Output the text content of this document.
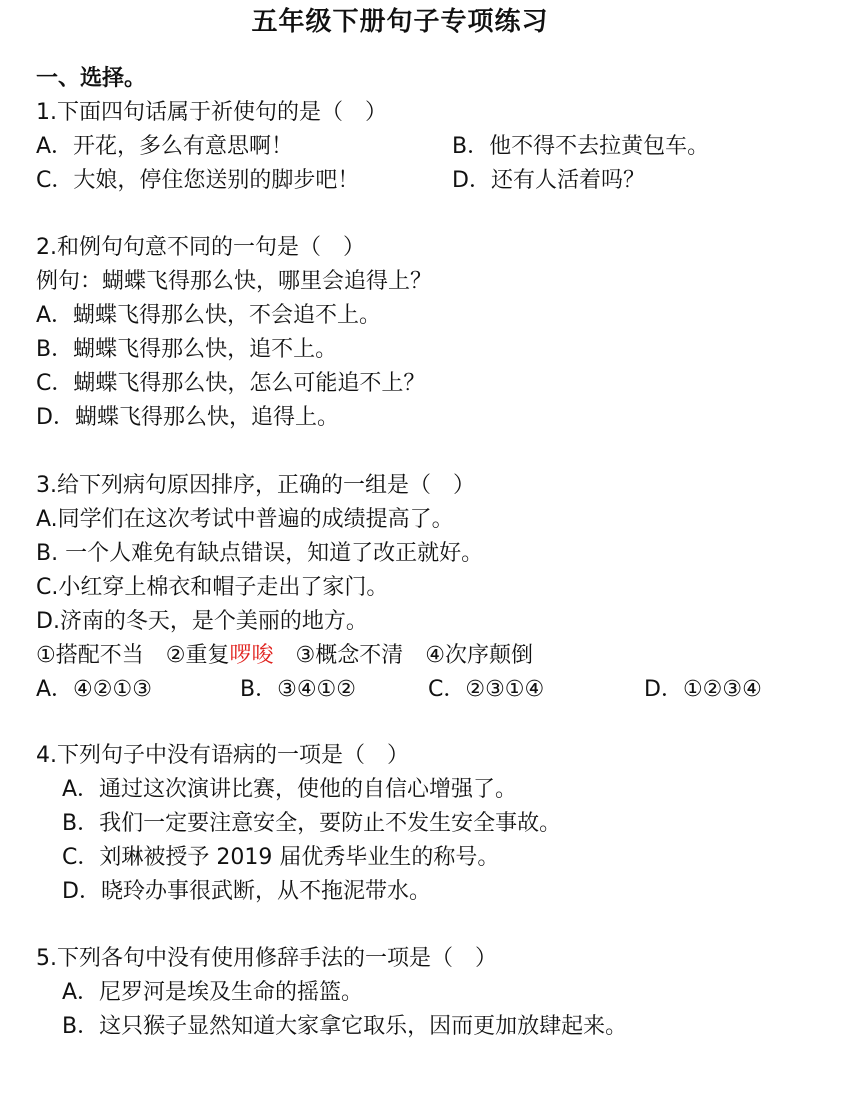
五年级下册句子专项练习
一、选择。
1.下面四句话属于祈使句的是（　）
A．开花，多么有意思啊！	B．他不得不去拉黄包车。
C．大娘，停住您送别的脚步吧！	D．还有人活着吗？
2.和例句句意不同的一句是（　）
例句：蝴蝶飞得那么快，哪里会追得上？
A．蝴蝶飞得那么快，不会追不上。
B．蝴蝶飞得那么快，追不上。
C．蝴蝶飞得那么快，怎么可能追不上？
D．蝴蝶飞得那么快，追得上。
3.给下列病句原因排序，正确的一组是（　）
A.同学们在这次考试中普遍的成绩提高了。
B. 一个人难免有缺点错误，知道了改正就好。
C.小红穿上棉衣和帽子走出了家门。
D.济南的冬天，是个美丽的地方。
①搭配不当 ②重复啰唆 ③概念不清 ④次序颠倒
A．④②①③	B．③④①②	C．②③①④	D．①②③④
4.下列句子中没有语病的一项是（　）
A．通过这次演讲比赛，使他的自信心增强了。
B．我们一定要注意安全，要防止不发生安全事故。
C．刘琳被授予 2019 届优秀毕业生的称号。
D．晓玲办事很武断，从不拖泥带水。
5.下列各句中没有使用修辞手法的一项是（　）
A．尼罗河是埃及生命的摇篮。
B．这只猴子显然知道大家拿它取乐，因而更加放肆起来。
